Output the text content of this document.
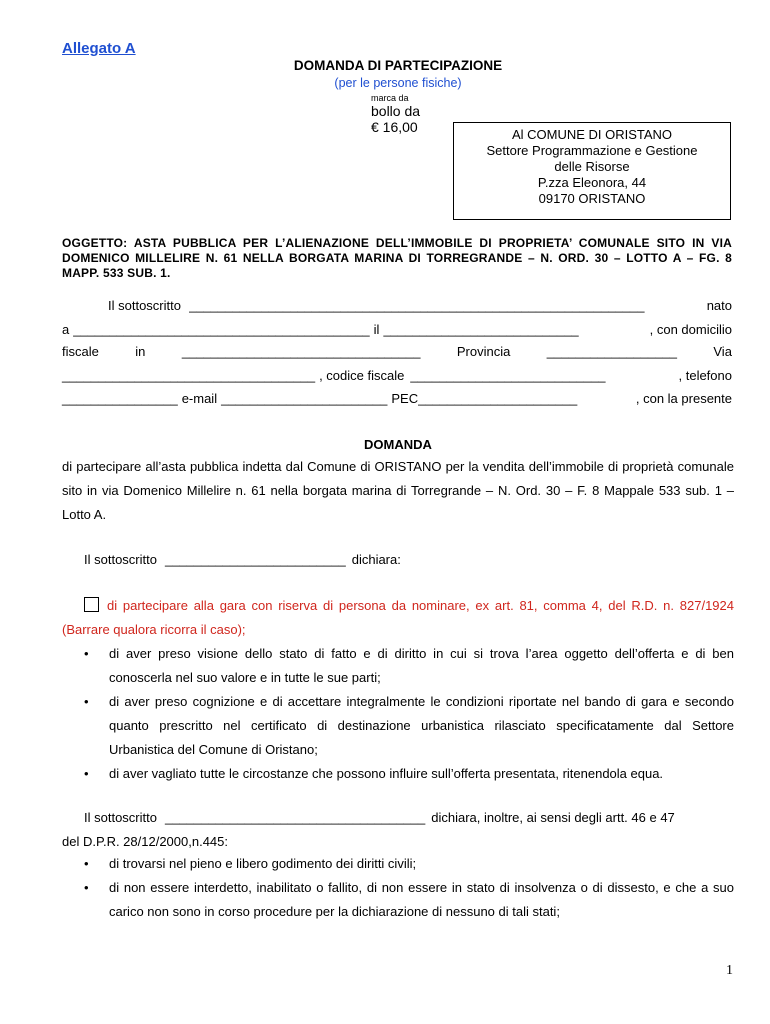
Allegato A
DOMANDA DI PARTECIPAZIONE
(per le persone fisiche)
marca da
bollo da
€ 16,00	Al COMUNE DI ORISTANO
Settore Programmazione e Gestione
delle Risorse
P.zza Eleonora, 44
09170 ORISTANO
OGGETTO: ASTA PUBBLICA PER L’ALIENAZIONE DELL’IMMOBILE DI PROPRIETA’ COMUNALE SITO IN VIA DOMENICO MILLELIRE N. 61 NELLA BORGATA MARINA DI TORREGRANDE – N. ORD. 30 – LOTTO A – FG. 8 MAPP. 533 SUB. 1.
Il sottoscritto _______________________________________________________________	nato
a _________________________________________ il ___________________________	, con domicilio
fiscale	in	_________________________________	Provincia	__________________	Via
___________________________________ , codice fiscale ___________________________	, telefono
________________ e-mail _______________________ PEC ______________________	, con la presente
DOMANDA
di partecipare all’asta pubblica indetta dal Comune di ORISTANO per la vendita dell’immobile di proprietà comunale sito in via Domenico Millelire n. 61 nella borgata marina di Torregrande – N. Ord. 30 – F. 8 Mappale 533 sub. 1 – Lotto A.
Il sottoscritto _________________________ dichiara:
di partecipare alla gara con riserva di persona da nominare, ex art. 81, comma 4, del R.D. n. 827/1924 (Barrare qualora ricorra il caso);
• di aver preso visione dello stato di fatto e di diritto in cui si trova l’area oggetto dell’offerta e di ben conoscerla nel suo valore e in tutte le sue parti;
• di aver preso cognizione e di accettare integralmente le condizioni riportate nel bando di gara e secondo quanto prescritto nel certificato di destinazione urbanistica rilasciato specificatamente dal Settore Urbanistica del Comune di Oristano;
• di aver vagliato tutte le circostanze che possono influire sull’offerta presentata, ritenendola equa.
Il sottoscritto ____________________________________ dichiara, inoltre, ai sensi degli artt. 46 e 47
del D.P.R. 28/12/2000,n.445:
• di trovarsi nel pieno e libero godimento dei diritti civili;
• di non essere interdetto, inabilitato o fallito, di non essere in stato di insolvenza o di dissesto, e che a suo carico non sono in corso procedure per la dichiarazione di nessuno di tali stati;
1
